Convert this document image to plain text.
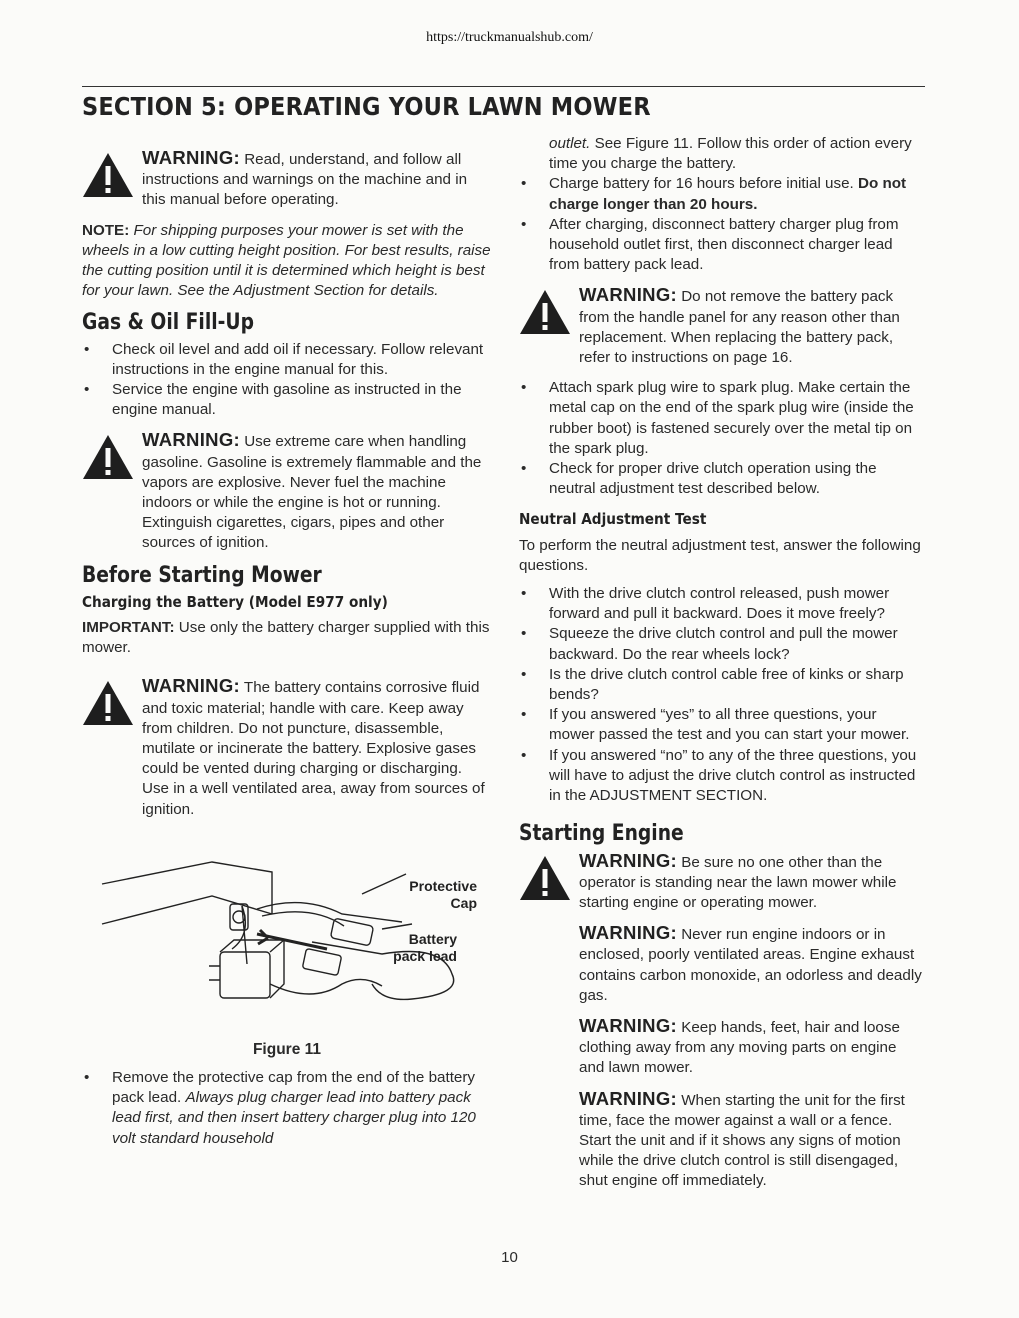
https://truckmanualshub.com/
SECTION 5: OPERATING YOUR LAWN MOWER
WARNING: Read, understand, and follow all instructions and warnings on the machine and in this manual before operating.

NOTE: For shipping purposes your mower is set with the wheels in a low cutting height position. For best results, raise the cutting position until it is determined which height is best for your lawn. See the Adjustment Section for details.

Gas & Oil Fill-Up
• Check oil level and add oil if necessary. Follow relevant instructions in the engine manual for this.
• Service the engine with gasoline as instructed in the engine manual.
WARNING: Use extreme care when handling gasoline. Gasoline is extremely flammable and the vapors are explosive. Never fuel the machine indoors or while the engine is hot or running. Extinguish cigarettes, cigars, pipes and other sources of ignition.
Before Starting Mower
Charging the Battery (Model E977 only)

IMPORTANT: Use only the battery charger supplied with this mower.

WARNING: The battery contains corrosive fluid and toxic material; handle with care. Keep away from children. Do not puncture, disassemble, mutilate or incinerate the battery. Explosive gases could be vented during charging or discharging. Use in a well ventilated area, away from sources of ignition.
Protective Cap
Battery pack lead
Figure 11
• Remove the protective cap from the end of the battery pack lead. Always plug charger lead into battery pack lead first, and then insert battery charger plug into 120 volt standard household

outlet. See Figure 11. Follow this order of action every time you charge the battery.

• Charge battery for 16 hours before initial use. Do not charge longer than 20 hours.
• After charging, disconnect battery charger plug from household outlet first, then disconnect charger lead from battery pack lead.
WARNING: Do not remove the battery pack from the handle panel for any reason other than replacement. When replacing the battery pack, refer to instructions on page 16.
• Attach spark plug wire to spark plug. Make certain the metal cap on the end of the spark plug wire (inside the rubber boot) is fastened securely over the metal tip on the spark plug.
• Check for proper drive clutch operation using the neutral adjustment test described below.
Neutral Adjustment Test

To perform the neutral adjustment test, answer the following questions.

• With the drive clutch control released, push mower forward and pull it backward. Does it move freely?
• Squeeze the drive clutch control and pull the mower backward. Do the rear wheels lock?
• Is the drive clutch control cable free of kinks or sharp bends?
• If you answered “yes” to all three questions, your mower passed the test and you can start your mower.
• If you answered “no” to any of the three questions, you will have to adjust the drive clutch control as instructed in the ADJUSTMENT SECTION.
Starting Engine
WARNING: Be sure no one other than the operator is standing near the lawn mower while starting engine or operating mower.
WARNING: Never run engine indoors or in enclosed, poorly ventilated areas. Engine exhaust contains carbon monoxide, an odorless and deadly gas.
WARNING: Keep hands, feet, hair and loose clothing away from any moving parts on engine and lawn mower.
WARNING: When starting the unit for the first time, face the mower against a wall or a fence. Start the unit and if it shows any signs of motion while the drive clutch control is still disengaged, shut engine off immediately.
10
